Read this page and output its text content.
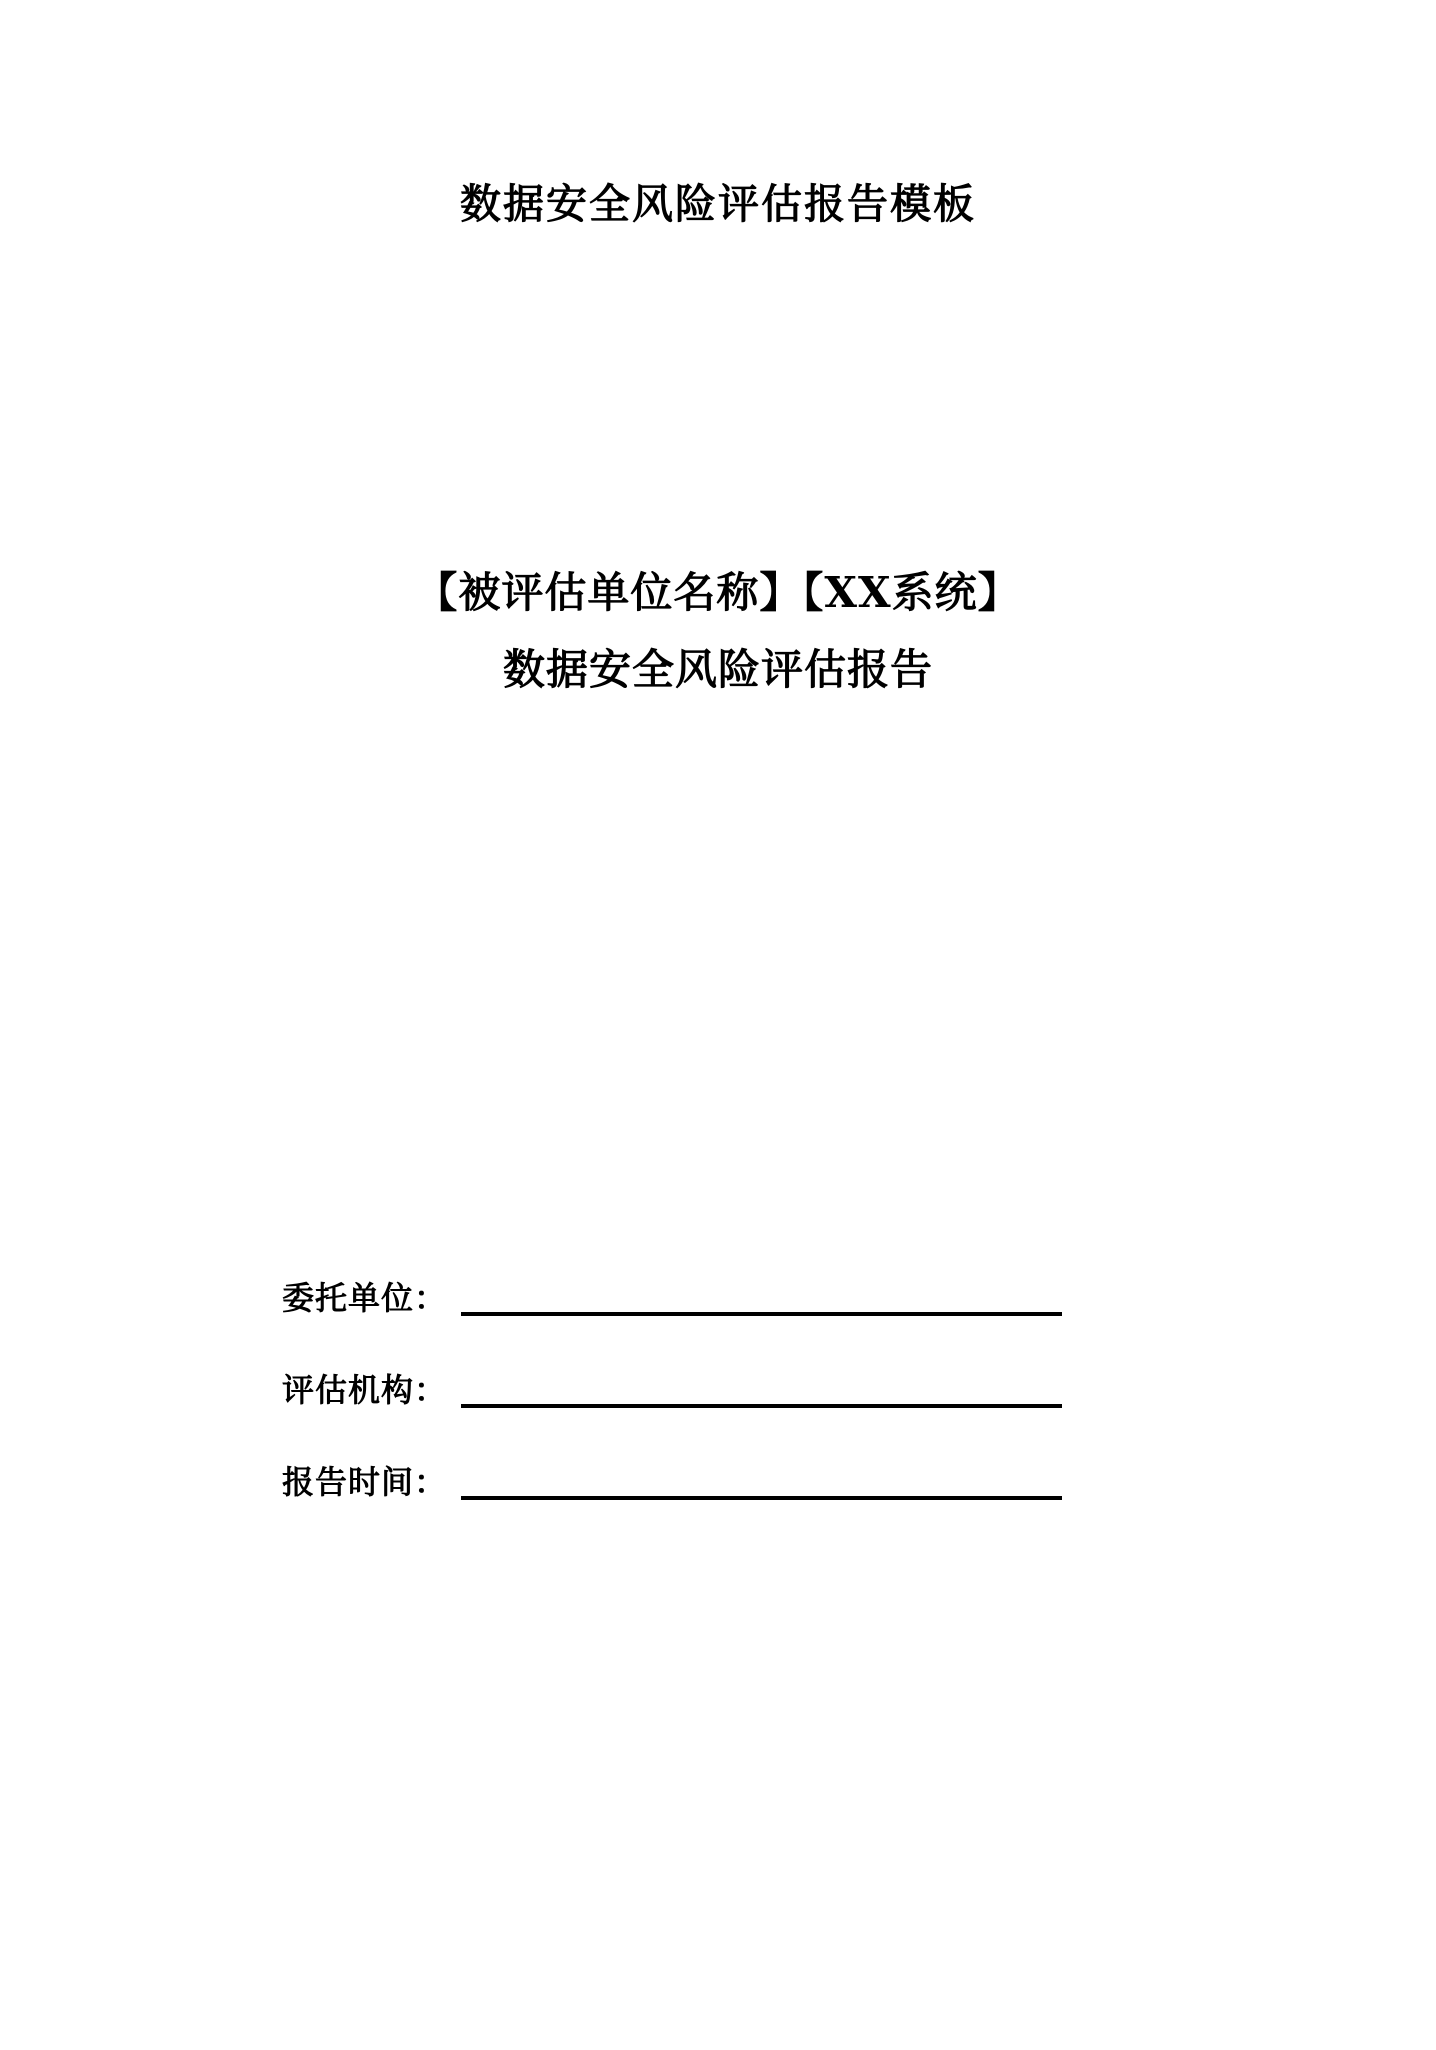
数据安全风险评估报告模板
【被评估单位名称】【XX系统】
数据安全风险评估报告
委托单位：
评估机构：
报告时间：
